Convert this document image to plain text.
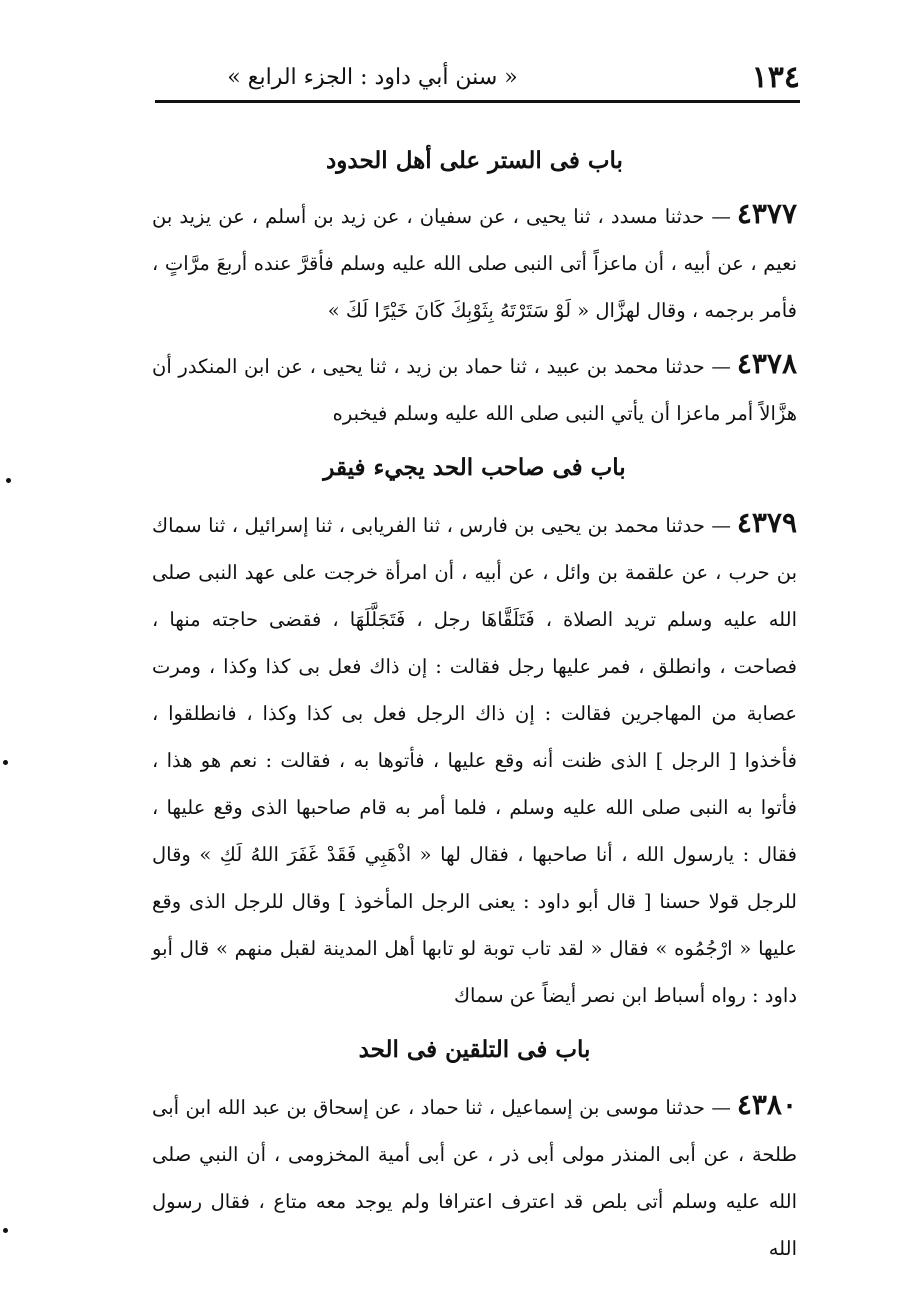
١٣٤
« سنن أبي داود : الجزء الرابع »
باب فى الستر على أهل الحدود

٤٣٧٧— حدثنا مسدد ، ثنا يحيى ، عن سفيان ، عن زيد بن أسلم ، عن يزيد بن نعيم ، عن أبيه ، أن ماعزاً أتى النبى صلى الله عليه وسلم فأقرَّ عنده أربعَ مرَّاتٍ ، فأمر برجمه ، وقال لهزَّال « لَوْ سَتَرْتَهُ بِثَوْبِكَ كَانَ خَيْرًا لَكَ »

٤٣٧٨— حدثنا محمد بن عبيد ، ثنا حماد بن زيد ، ثنا يحيى ، عن ابن المنكدر أن هزَّالاً أمر ماعزا أن يأتي النبى صلى الله عليه وسلم فيخبره

باب فى صاحب الحد يجيء فيقر

٤٣٧٩— حدثنا محمد بن يحيى بن فارس ، ثنا الفريابى ، ثنا إسرائيل ، ثنا سماك بن حرب ، عن علقمة بن وائل ، عن أبيه ، أن امرأة خرجت على عهد النبى صلى الله عليه وسلم تريد الصلاة ، فَتَلَقَّاهَا رجل ، فَتَجَلَّلَهَا ، فقضى حاجته منها ، فصاحت ، وانطلق ، فمر عليها رجل فقالت : إن ذاك فعل بى كذا وكذا ، ومرت عصابة من المهاجرين فقالت : إن ذاك الرجل فعل بى كذا وكذا ، فانطلقوا ، فأخذوا [ الرجل ] الذى ظنت أنه وقع عليها ، فأتوها به ، فقالت : نعم هو هذا ، فأتوا به النبى صلى الله عليه وسلم ، فلما أمر به قام صاحبها الذى وقع عليها ، فقال : يارسول الله ، أنا صاحبها ، فقال لها « اذْهَبِي فَقَدْ غَفَرَ اللهُ لَكِ » وقال للرجل قولا حسنا [ قال أبو داود : يعنى الرجل المأخوذ ] وقال للرجل الذى وقع عليها « ارْجُمُوه » فقال « لقد تاب توبة لو تابها أهل المدينة لقبل منهم » قال أبو داود : رواه أسباط ابن نصر أيضاً عن سماك

باب فى التلقين فى الحد

٤٣٨٠— حدثنا موسى بن إسماعيل ، ثنا حماد ، عن إسحاق بن عبد الله ابن أبى طلحة ، عن أبى المنذر مولى أبى ذر ، عن أبى أمية المخزومى ، أن النبي صلى الله عليه وسلم أتى بلص قد اعترف اعترافا ولم يوجد معه متاع ، فقال رسول الله
